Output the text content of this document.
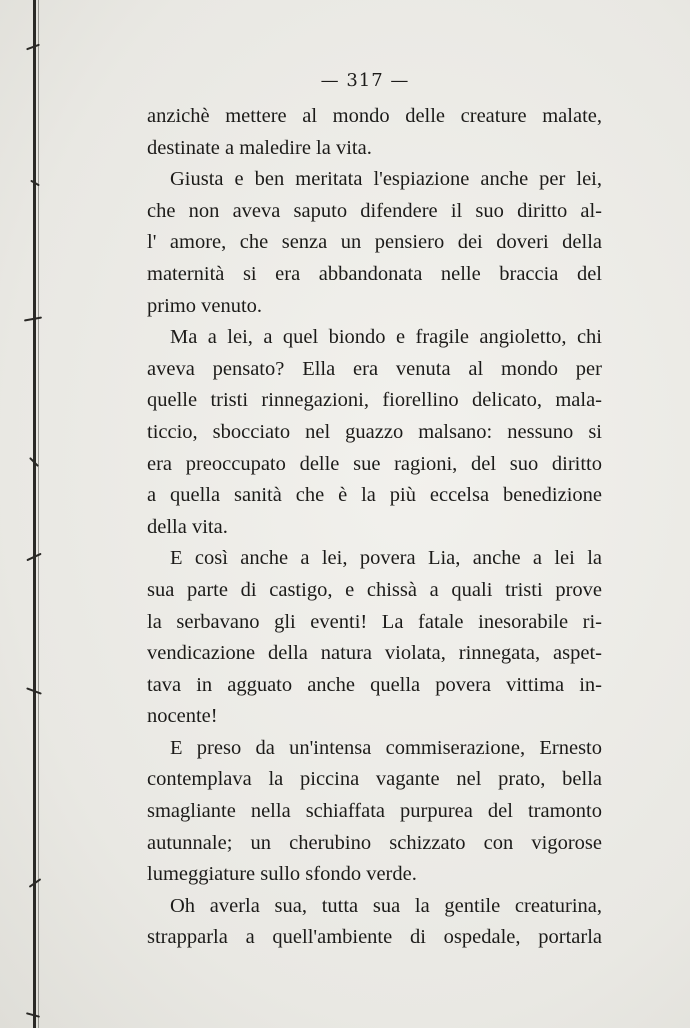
— 317 —
anzichè mettere al mondo delle creature malate,
destinate a maledire la vita.
Giusta e ben meritata l'espiazione anche per lei,
che non aveva saputo difendere il suo diritto al-
l' amore, che senza un pensiero dei doveri della
maternità si era abbandonata nelle braccia del
primo venuto.
Ma a lei, a quel biondo e fragile angioletto, chi
aveva pensato? Ella era venuta al mondo per
quelle tristi rinnegazioni, fiorellino delicato, mala-
ticcio, sbocciato nel guazzo malsano: nessuno si
era preoccupato delle sue ragioni, del suo diritto
a quella sanità che è la più eccelsa benedizione
della vita.
E così anche a lei, povera Lia, anche a lei la
sua parte di castigo, e chissà a quali tristi prove
la serbavano gli eventi! La fatale inesorabile ri-
vendicazione della natura violata, rinnegata, aspet-
tava in agguato anche quella povera vittima in-
nocente!
E preso da un'intensa commiserazione, Ernesto
contemplava la piccina vagante nel prato, bella
smagliante nella schiaffata purpurea del tramonto
autunnale; un cherubino schizzato con vigorose
lumeggiature sullo sfondo verde.
Oh averla sua, tutta sua la gentile creaturina,
strapparla a quell'ambiente di ospedale, portarla
